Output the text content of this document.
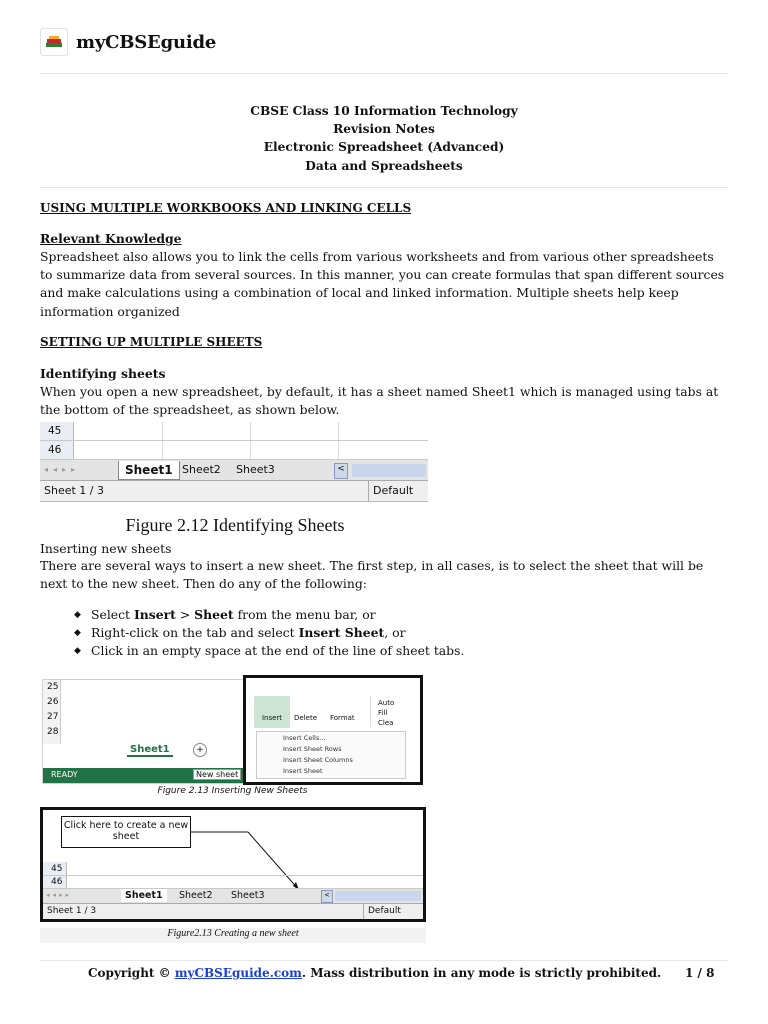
myCBSEguide
CBSE Class 10 Information Technology
Revision Notes
Electronic Spreadsheet (Advanced)
Data and Spreadsheets
USING MULTIPLE WORKBOOKS AND LINKING CELLS
Relevant Knowledge
Spreadsheet also allows you to link the cells from various worksheets and from various other spreadsheets to summarize data from several sources. In this manner, you can create formulas that span different sources and make calculations using a combination of local and linked information. Multiple sheets help keep information organized
SETTING UP MULTIPLE SHEETS
Identifying sheets
When you open a new spreadsheet, by default, it has a sheet named Sheet1 which is managed using tabs at the bottom of the spreadsheet, as shown below.
45
46
◂◂▸▸	Sheet1 Sheet2	Sheet3	<
Sheet 1 / 3	Default
Figure 2.12 Identifying Sheets
Inserting new sheets
There are several ways to insert a new sheet. The first step, in all cases, is to select the sheet that will be next to the new sheet. Then do any of the following:
◆ Select Insert > Sheet from the menu bar, or
◆ Right-click on the tab and select Insert Sheet, or
◆ Click in an empty space at the end of the line of sheet tabs.
25
26
27
28
Sheet1	+
READY	New sheet
Insert	Delete Format
Auto
Fill
Clea
Insert Cells...
Insert Sheet Rows
Insert Sheet Columns
Insert Sheet
Figure 2.13 Inserting New Sheets
Click here to create a new sheet
45
46
◂◂▸▸	Sheet1	Sheet2	Sheet3	<
Sheet 1 / 3	Default
Figure2.13 Creating a new sheet
Copyright © myCBSEguide.com. Mass distribution in any mode is strictly prohibited. 1 / 8
